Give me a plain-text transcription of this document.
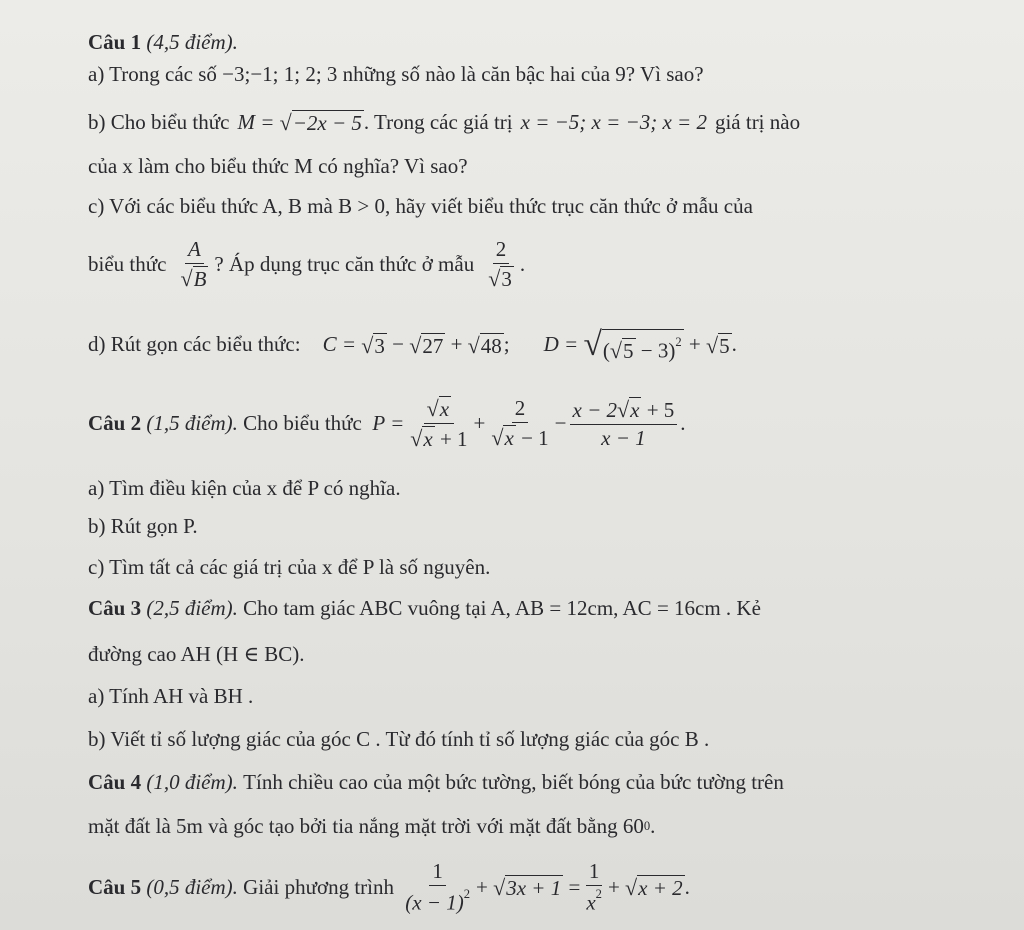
Câu 1
(4,5 điểm).
a) Trong các số −3;−1; 1; 2; 3 những số nào là căn bậc hai của 9? Vì sao?
b) Cho biểu thức M =
√ −2x − 5 . Trong các giá trị x = −5; x = −3; x = 2 giá trị nào
của x làm cho biểu thức M có nghĩa? Vì sao?
c) Với các biểu thức A, B mà B > 0, hãy viết biểu thức trục căn thức ở mẫu của
biểu thức $\frac{A}{√ B}$ ? Áp dụng trục căn thức ở mẫu $\frac{2}{√ 3}$ .
d) Rút gọn các biểu thức: C =
√ 3
−
√ 27
+
√ 48 ; D =
√ ( √ 5 − 3)$^2$
+
√ 5 .
Câu 2
(1,5 điểm).
Cho biểu thức
$P = \frac{√ x}{√ x + 1} + \frac{2}{√ x - 1} - \frac{x - 2 √ x + 5}{x - 1}$ .
a) Tìm điều kiện của x để P có nghĩa.
b) Rút gọn P.
c) Tìm tất cả các giá trị của x để P là số nguyên.
Câu 3
(2,5 điểm).
Cho tam giác ABC vuông tại A, AB = 12cm, AC = 16cm . Kẻ
đường cao AH (H ∈ BC).
a) Tính AH và BH .
b) Viết tỉ số lượng giác của góc C . Từ đó tính tỉ số lượng giác của góc B .
Câu 4
(1,0 điểm).
Tính chiều cao của một bức tường, biết bóng của bức tường trên
mặt đất là 5m và góc tạo bởi tia nắng mặt trời với mặt đất bằng
60 0 .
Câu 5
(0,5 điểm).
Giải phương trình
$\frac{1}{(x - 1)^2}$ +
√ 3x + 1
= $\frac{1}{x^2}$ +
√ x + 2 .
